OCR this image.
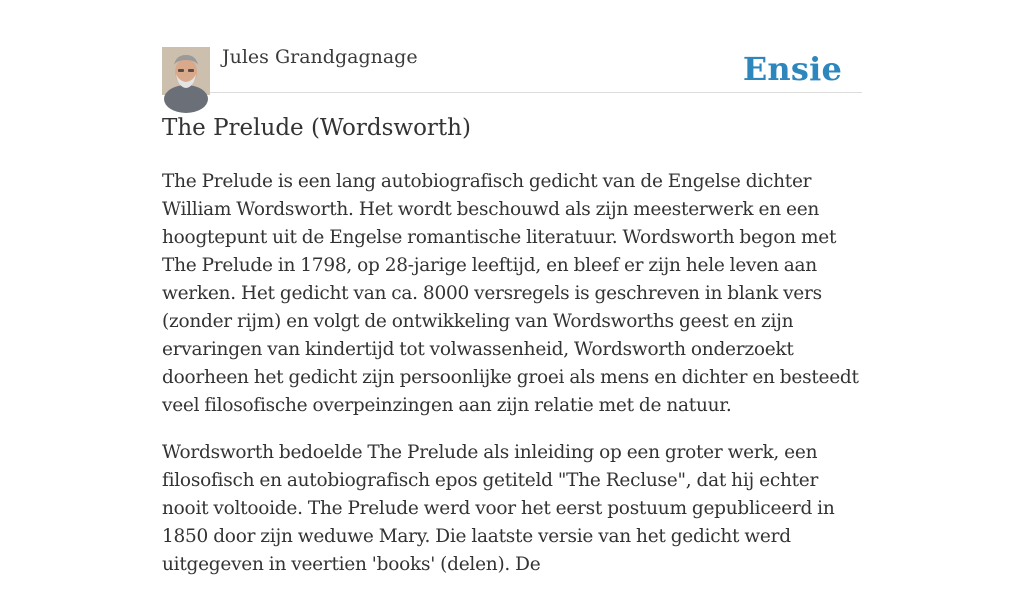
Jules Grandgagnage	Ensie
The Prelude (Wordsworth)

The Prelude is een lang autobiografisch gedicht van de Engelse dichter William Wordsworth. Het wordt beschouwd als zijn meesterwerk en een hoogtepunt uit de Engelse romantische literatuur. Wordsworth begon met The Prelude in 1798, op 28-jarige leeftijd, en bleef er zijn hele leven aan werken. Het gedicht van ca. 8000 versregels is geschreven in blank vers (zonder rijm) en volgt de ontwikkeling van Wordsworths geest en zijn ervaringen van kindertijd tot volwassenheid, Wordsworth onderzoekt doorheen het gedicht zijn persoonlijke groei als mens en dichter en besteedt veel filosofische overpeinzingen aan zijn relatie met de natuur.

Wordsworth bedoelde The Prelude als inleiding op een groter werk, een filosofisch en autobiografisch epos getiteld "The Recluse", dat hij echter nooit voltooide. The Prelude werd voor het eerst postuum gepubliceerd in 1850 door zijn weduwe Mary. Die laatste versie van het gedicht werd uitgegeven in veertien 'books' (delen). De
